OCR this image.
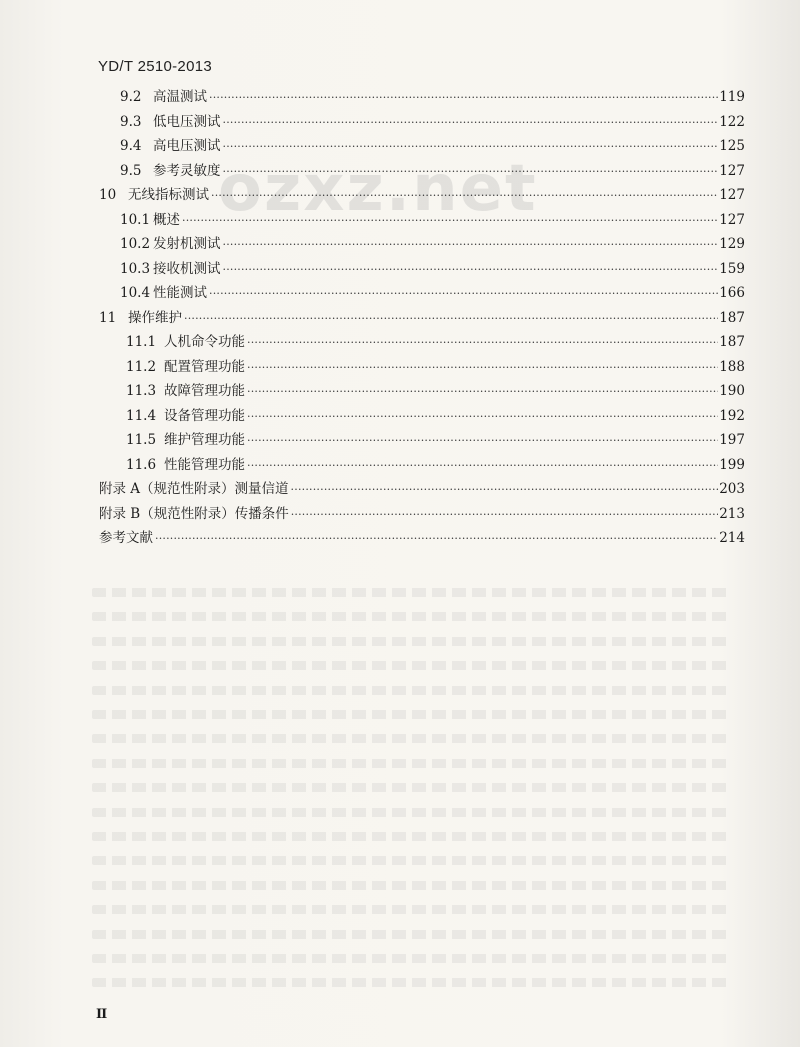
YD/T 2510-2013
ozxz.net
9.2 高温测试 ·····	119
9.3 低电压测试 ·····	122
9.4 高电压测试 ·····	125
9.5 参考灵敏度 ·····	127
10 无线指标测试 ·····	127
10.1 概述 ·····	127
10.2 发射机测试 ·····	129
10.3 接收机测试 ·····	159
10.4 性能测试 ·····	166
11 操作维护 ·····	187
11.1 人机命令功能 ·····	187
11.2 配置管理功能 ·····	188
11.3 故障管理功能 ·····	190
11.4 设备管理功能 ·····	192
11.5 维护管理功能 ·····	197
11.6 性能管理功能 ·····	199
附录 A（规范性附录）测量信道 ·····	203
附录 B（规范性附录）传播条件 ·····	213
参考文献 ·····	214
II
